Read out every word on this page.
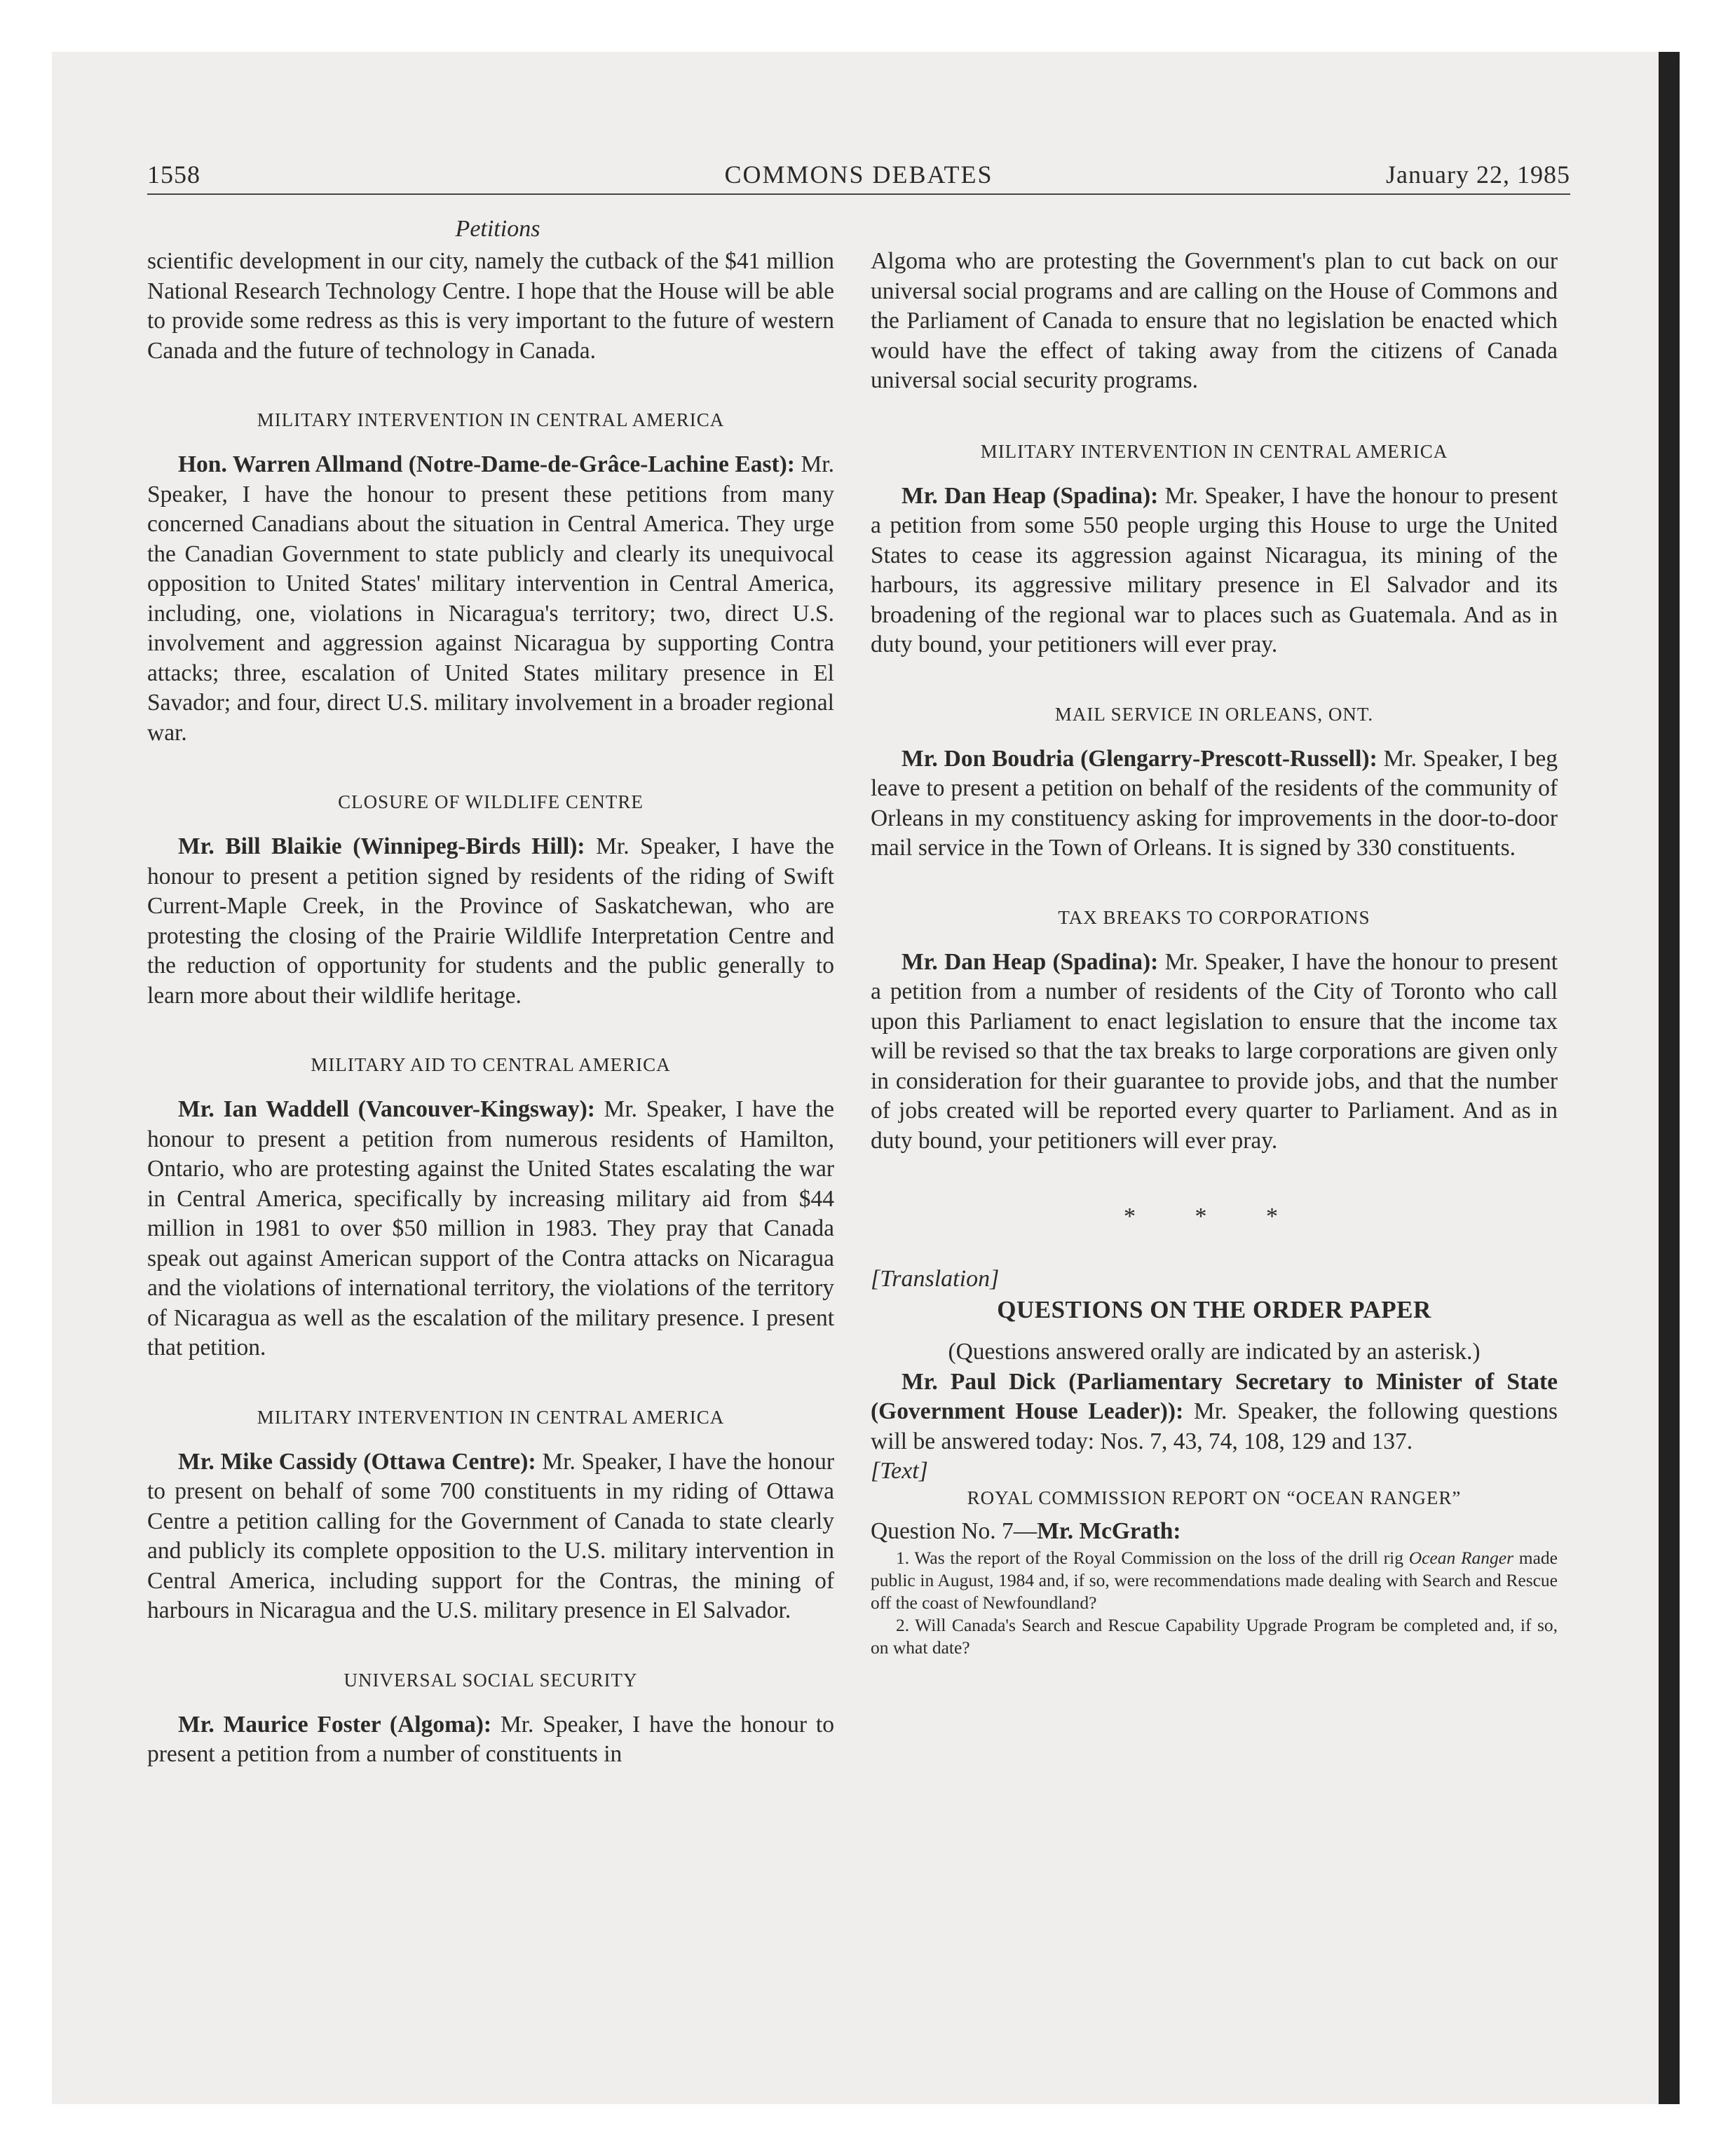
1558	COMMONS DEBATES	January 22, 1985
Petitions

scientific development in our city, namely the cutback of the $41 million National Research Technology Centre. I hope that the House will be able to provide some redress as this is very important to the future of western Canada and the future of technology in Canada.

MILITARY INTERVENTION IN CENTRAL AMERICA

Hon. Warren Allmand (Notre-Dame-de-Grâce-Lachine East): Mr. Speaker, I have the honour to present these petitions from many concerned Canadians about the situation in Central America. They urge the Canadian Government to state publicly and clearly its unequivocal opposition to United States' military intervention in Central America, including, one, violations in Nicaragua's territory; two, direct U.S. involvement and aggression against Nicaragua by supporting Contra attacks; three, escalation of United States military presence in El Savador; and four, direct U.S. military involvement in a broader regional war.

CLOSURE OF WILDLIFE CENTRE

Mr. Bill Blaikie (Winnipeg-Birds Hill): Mr. Speaker, I have the honour to present a petition signed by residents of the riding of Swift Current-Maple Creek, in the Province of Saskatchewan, who are protesting the closing of the Prairie Wildlife Interpretation Centre and the reduction of opportunity for students and the public generally to learn more about their wildlife heritage.

MILITARY AID TO CENTRAL AMERICA

Mr. Ian Waddell (Vancouver-Kingsway): Mr. Speaker, I have the honour to present a petition from numerous residents of Hamilton, Ontario, who are protesting against the United States escalating the war in Central America, specifically by increasing military aid from $44 million in 1981 to over $50 million in 1983. They pray that Canada speak out against American support of the Contra attacks on Nicaragua and the violations of international territory, the violations of the territory of Nicaragua as well as the escalation of the military presence. I present that petition.

MILITARY INTERVENTION IN CENTRAL AMERICA

Mr. Mike Cassidy (Ottawa Centre): Mr. Speaker, I have the honour to present on behalf of some 700 constituents in my riding of Ottawa Centre a petition calling for the Government of Canada to state clearly and publicly its complete opposition to the U.S. military intervention in Central America, including support for the Contras, the mining of harbours in Nicaragua and the U.S. military presence in El Salvador.

UNIVERSAL SOCIAL SECURITY

Mr. Maurice Foster (Algoma): Mr. Speaker, I have the honour to present a petition from a number of constituents in

Algoma who are protesting the Government's plan to cut back on our universal social programs and are calling on the House of Commons and the Parliament of Canada to ensure that no legislation be enacted which would have the effect of taking away from the citizens of Canada universal social security programs.

MILITARY INTERVENTION IN CENTRAL AMERICA

Mr. Dan Heap (Spadina): Mr. Speaker, I have the honour to present a petition from some 550 people urging this House to urge the United States to cease its aggression against Nicaragua, its mining of the harbours, its aggressive military presence in El Salvador and its broadening of the regional war to places such as Guatemala. And as in duty bound, your petitioners will ever pray.

MAIL SERVICE IN ORLEANS, ONT.

Mr. Don Boudria (Glengarry-Prescott-Russell): Mr. Speaker, I beg leave to present a petition on behalf of the residents of the community of Orleans in my constituency asking for improvements in the door-to-door mail service in the Town of Orleans. It is signed by 330 constituents.

TAX BREAKS TO CORPORATIONS

Mr. Dan Heap (Spadina): Mr. Speaker, I have the honour to present a petition from a number of residents of the City of Toronto who call upon this Parliament to enact legislation to ensure that the income tax will be revised so that the tax breaks to large corporations are given only in consideration for their guarantee to provide jobs, and that the number of jobs created will be reported every quarter to Parliament. And as in duty bound, your petitioners will ever pray.

* * *

[Translation]

QUESTIONS ON THE ORDER PAPER

(Questions answered orally are indicated by an asterisk.)

Mr. Paul Dick (Parliamentary Secretary to Minister of State (Government House Leader)): Mr. Speaker, the following questions will be answered today: Nos. 7, 43, 74, 108, 129 and 137.

[Text]

ROYAL COMMISSION REPORT ON “OCEAN RANGER”

Question No. 7—Mr. McGrath:

1. Was the report of the Royal Commission on the loss of the drill rig Ocean Ranger made public in August, 1984 and, if so, were recommendations made dealing with Search and Rescue off the coast of Newfoundland?

2. Will Canada's Search and Rescue Capability Upgrade Program be completed and, if so, on what date?
